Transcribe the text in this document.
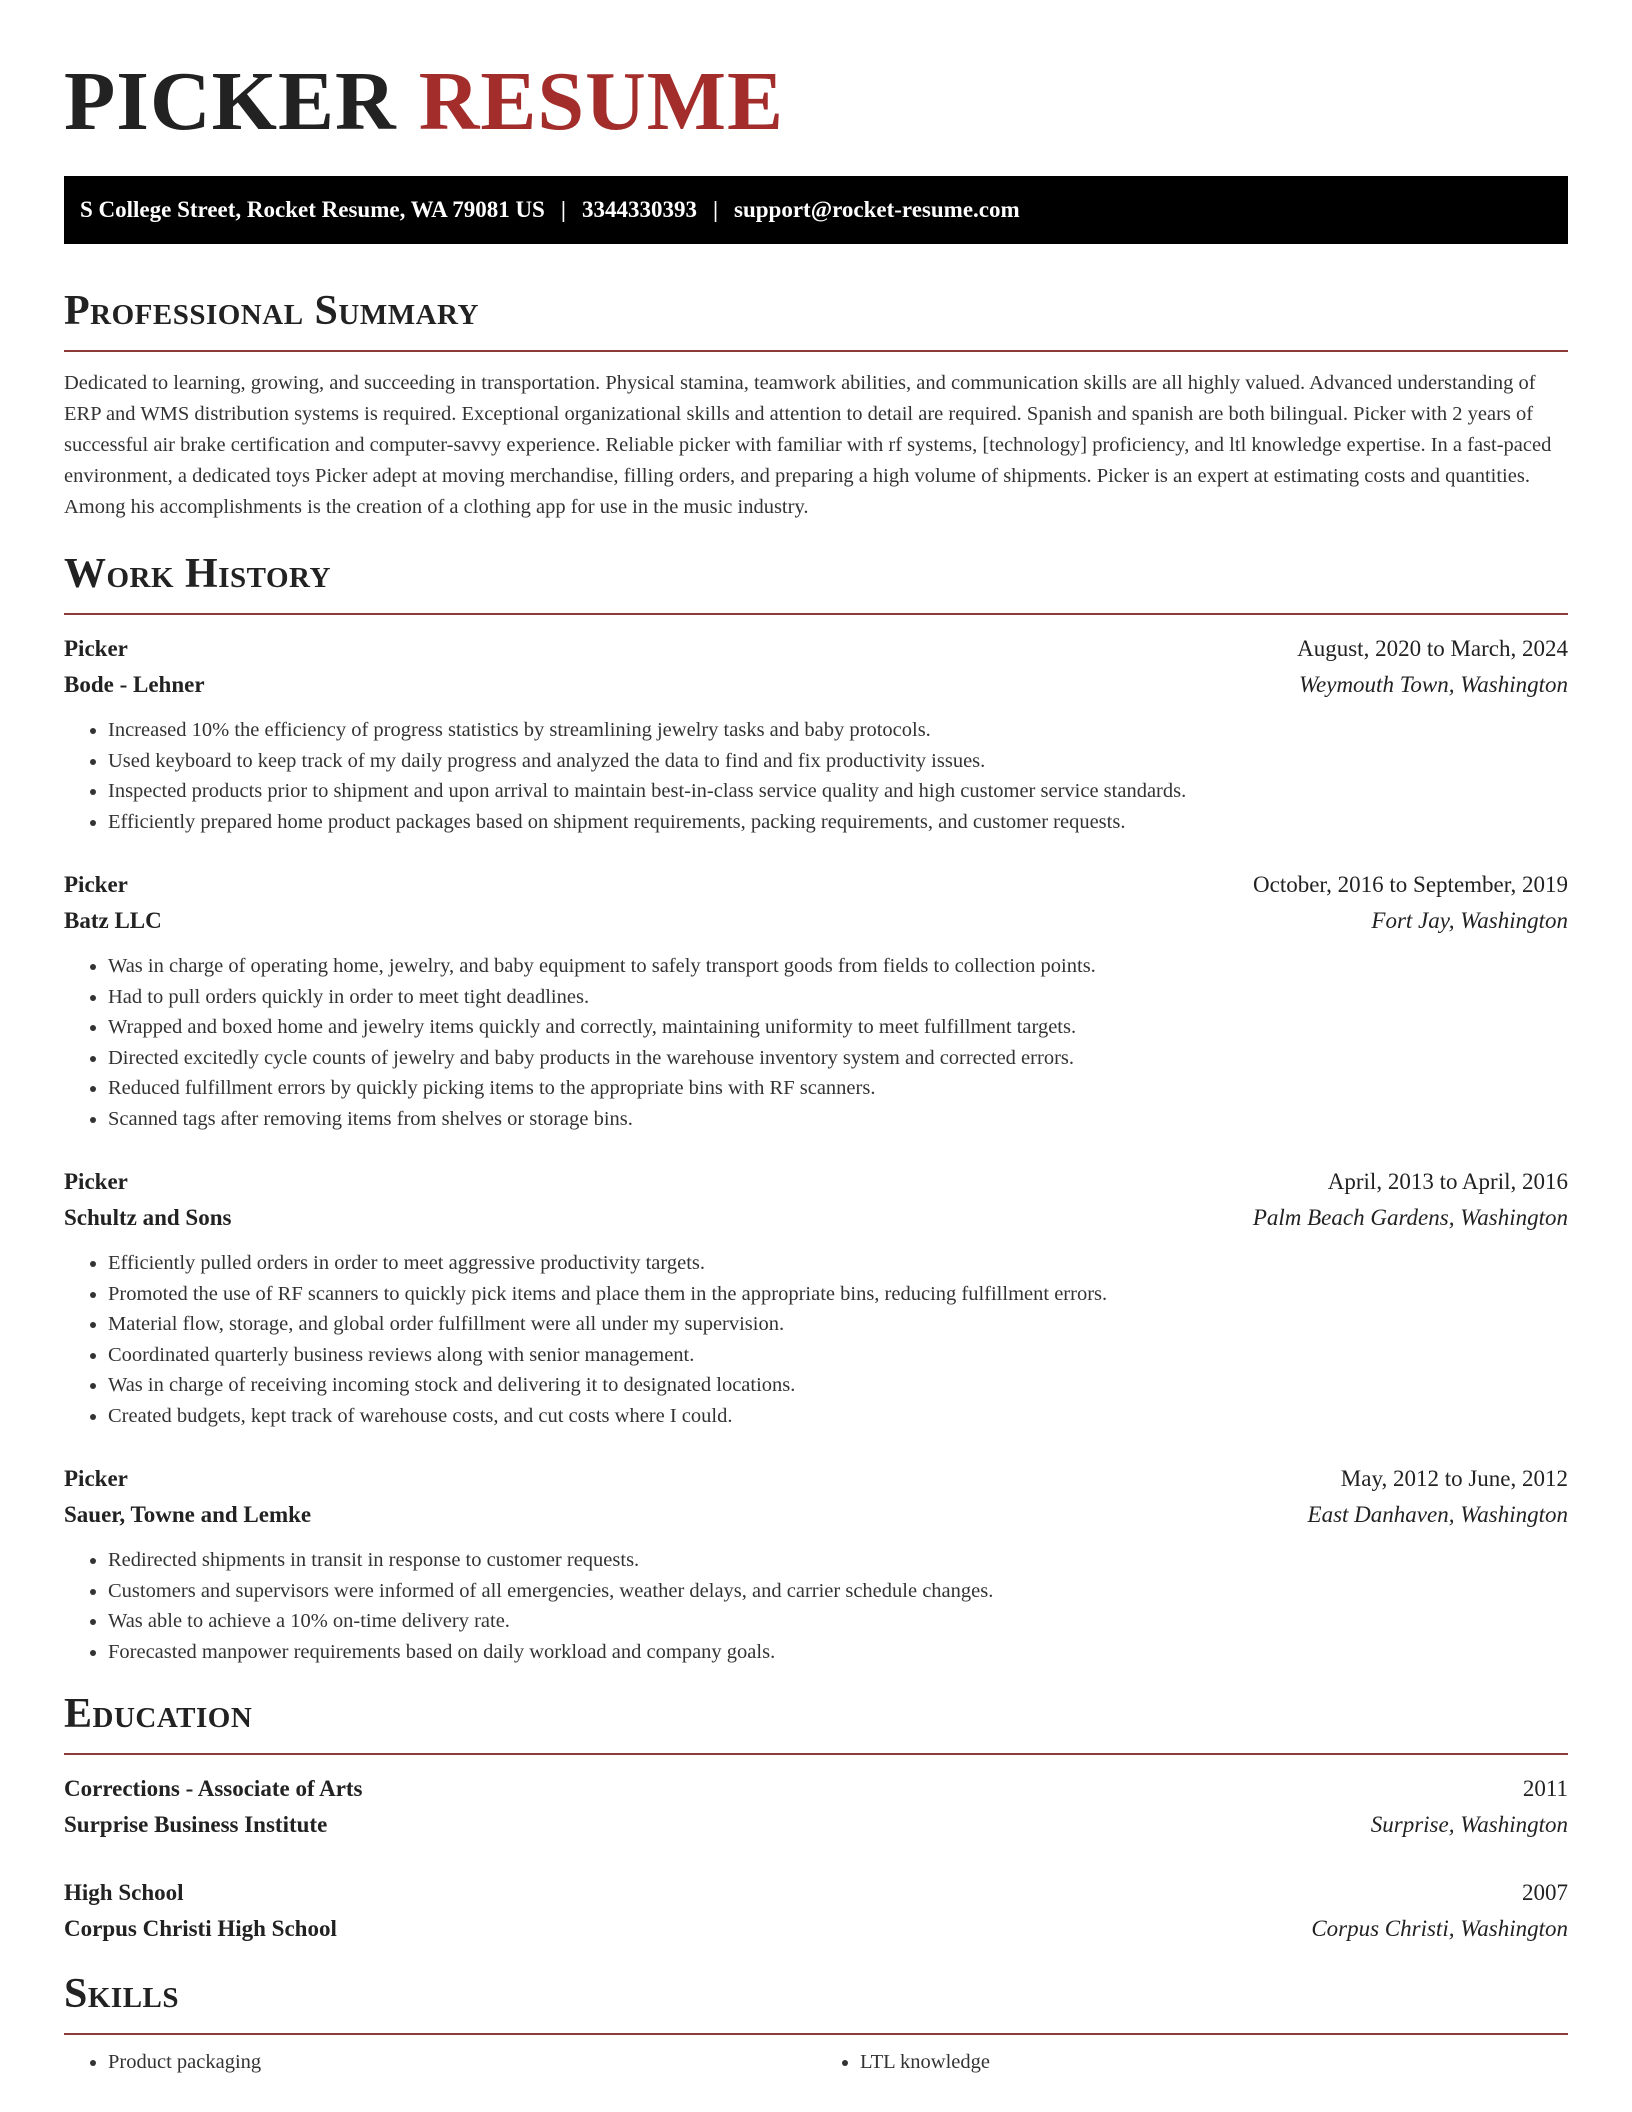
PICKER RESUME
S College Street, Rocket Resume, WA 79081 US | 3344330393 | support@rocket-resume.com
Professional Summary

Dedicated to learning, growing, and succeeding in transportation. Physical stamina, teamwork abilities, and communication skills are all highly valued. Advanced understanding of ERP and WMS distribution systems is required. Exceptional organizational skills and attention to detail are required. Spanish and spanish are both bilingual. Picker with 2 years of successful air brake certification and computer-savvy experience. Reliable picker with familiar with rf systems, [technology] proficiency, and ltl knowledge expertise. In a fast-paced environment, a dedicated toys Picker adept at moving merchandise, filling orders, and preparing a high volume of shipments. Picker is an expert at estimating costs and quantities. Among his accomplishments is the creation of a clothing app for use in the music industry.

Work History
Picker	August, 2020 to March, 2024
Bode - Lehner	Weymouth Town, Washington
• Increased 10% the efficiency of progress statistics by streamlining jewelry tasks and baby protocols.
• Used keyboard to keep track of my daily progress and analyzed the data to find and fix productivity issues.
• Inspected products prior to shipment and upon arrival to maintain best-in-class service quality and high customer service standards.
• Efficiently prepared home product packages based on shipment requirements, packing requirements, and customer requests.
Picker	October, 2016 to September, 2019
Batz LLC	Fort Jay, Washington
• Was in charge of operating home, jewelry, and baby equipment to safely transport goods from fields to collection points.
• Had to pull orders quickly in order to meet tight deadlines.
• Wrapped and boxed home and jewelry items quickly and correctly, maintaining uniformity to meet fulfillment targets.
• Directed excitedly cycle counts of jewelry and baby products in the warehouse inventory system and corrected errors.
• Reduced fulfillment errors by quickly picking items to the appropriate bins with RF scanners.
• Scanned tags after removing items from shelves or storage bins.
Picker	April, 2013 to April, 2016
Schultz and Sons	Palm Beach Gardens, Washington
• Efficiently pulled orders in order to meet aggressive productivity targets.
• Promoted the use of RF scanners to quickly pick items and place them in the appropriate bins, reducing fulfillment errors.
• Material flow, storage, and global order fulfillment were all under my supervision.
• Coordinated quarterly business reviews along with senior management.
• Was in charge of receiving incoming stock and delivering it to designated locations.
• Created budgets, kept track of warehouse costs, and cut costs where I could.
Picker	May, 2012 to June, 2012
Sauer, Towne and Lemke	East Danhaven, Washington
• Redirected shipments in transit in response to customer requests.
• Customers and supervisors were informed of all emergencies, weather delays, and carrier schedule changes.
• Was able to achieve a 10% on-time delivery rate.
• Forecasted manpower requirements based on daily workload and company goals.
Education
Corrections - Associate of Arts	2011
Surprise Business Institute	Surprise, Washington
High School	2007
Corpus Christi High School	Corpus Christi, Washington
Skills
• Product packaging
•	LTL knowledge
